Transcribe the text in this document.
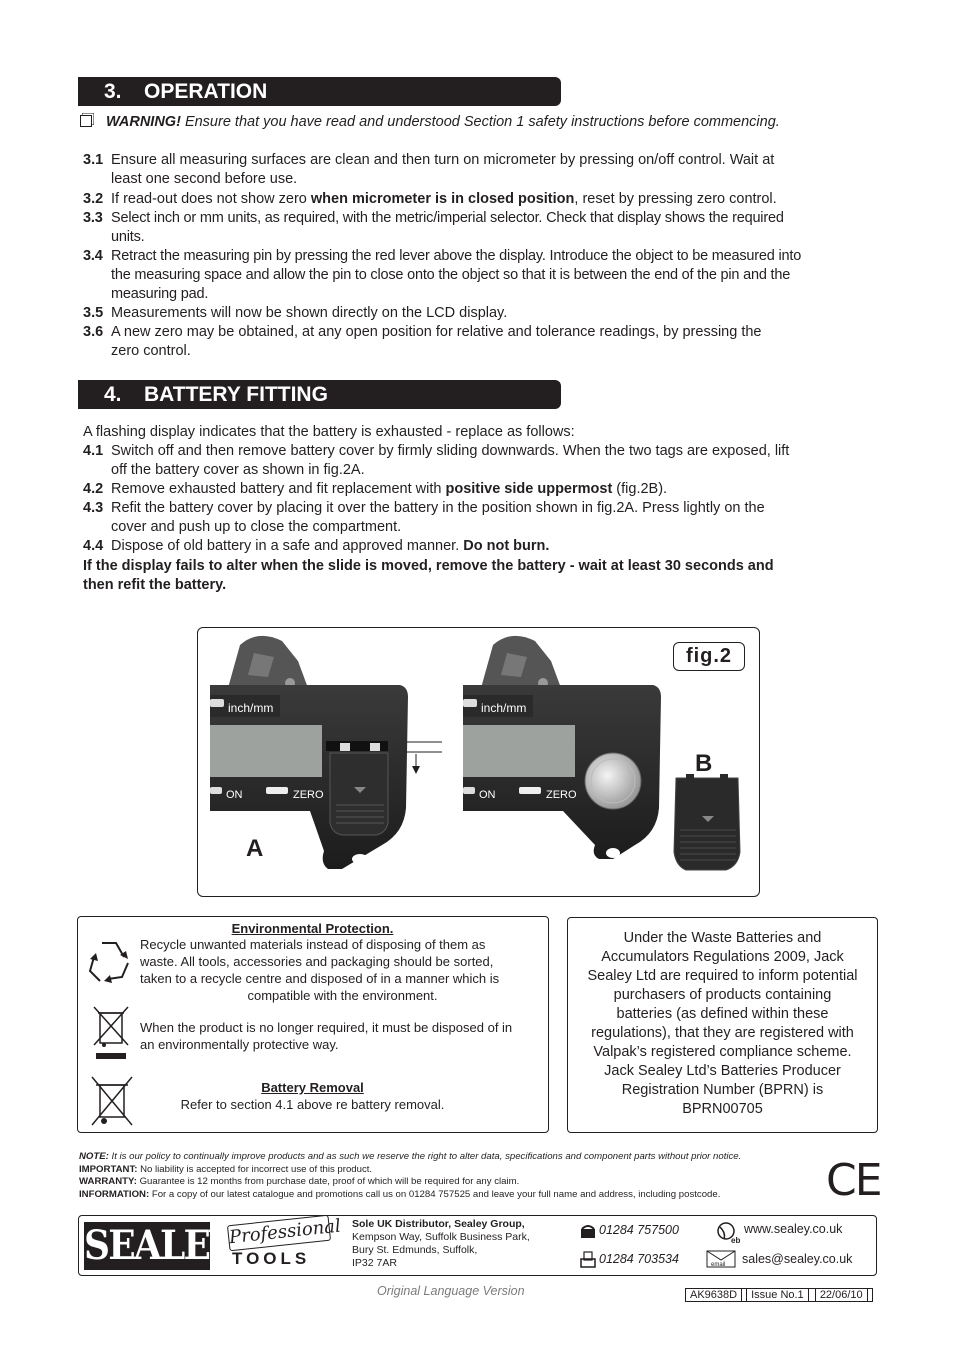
3. OPERATION
WARNING! Ensure that you have read and understood Section 1 safety instructions before commencing.
3.1 Ensure all measuring surfaces are clean and then turn on micrometer by pressing on/off control. Wait at
least one second before use.
3.2 If read-out does not show zero when micrometer is in closed position, reset by pressing zero control.
3.3 Select inch or mm units, as required, with the metric/imperial selector. Check that display shows the required
units.
3.4 Retract the measuring pin by pressing the red lever above the display. Introduce the object to be measured into
the measuring space and allow the pin to close onto the object so that it is between the end of the pin and the
measuring pad.
3.5 Measurements will now be shown directly on the LCD display.
3.6 A new zero may be obtained, at any open position for relative and tolerance readings, by pressing the
zero control.
4. BATTERY FITTING
A flashing display indicates that the battery is exhausted - replace as follows:
4.1 Switch off and then remove battery cover by firmly sliding downwards. When the two tags are exposed, lift
off the battery cover as shown in fig.2A.
4.2 Remove exhausted battery and fit replacement with positive side uppermost (fig.2B).
4.3 Refit the battery cover by placing it over the battery in the position shown in fig.2A. Press lightly on the
cover and push up to close the compartment.
4.4 Dispose of old battery in a safe and approved manner. Do not burn.
If the display fails to alter when the slide is moved, remove the battery - wait at least 30 seconds and
then refit the battery.
fig.2
inch/mm
ON	ZERO
A
inch/mm
ON	ZERO
B
Environmental Protection.
Recycle unwanted materials instead of disposing of them as
waste. All tools, accessories and packaging should be sorted,
taken to a recycle centre and disposed of in a manner which is
compatible with the environment.
When the product is no longer required, it must be disposed of in
an environmentally protective way.
Battery Removal
Refer to section 4.1 above re battery removal.
Under the Waste Batteries and
Accumulators Regulations 2009, Jack
Sealey Ltd are required to inform potential
purchasers of products containing
batteries (as defined within these
regulations), that they are registered with
Valpak’s registered compliance scheme.
Jack Sealey Ltd’s Batteries Producer
Registration Number (BPRN) is
BPRN00705
NOTE: It is our policy to continually improve products and as such we reserve the right to alter data, specifications and component parts without prior notice.
IMPORTANT: No liability is accepted for incorrect use of this product.
WARRANTY: Guarantee is 12 months from purchase date, proof of which will be required for any claim.
INFORMATION: For a copy of our latest catalogue and promotions call us on 01284 757525 and leave your full name and address, including postcode. CE
SEALEY
Professional
TOOLS
Sole UK Distributor, Sealey Group,
Kempson Way, Suffolk Business Park,
Bury St. Edmunds, Suffolk,
IP32 7AR
01284 757500
01284 703534
eb
www.sealey.co.uk
email sales@sealey.co.uk
Original Language Version	AK9638D	Issue No.1 22/06/10
